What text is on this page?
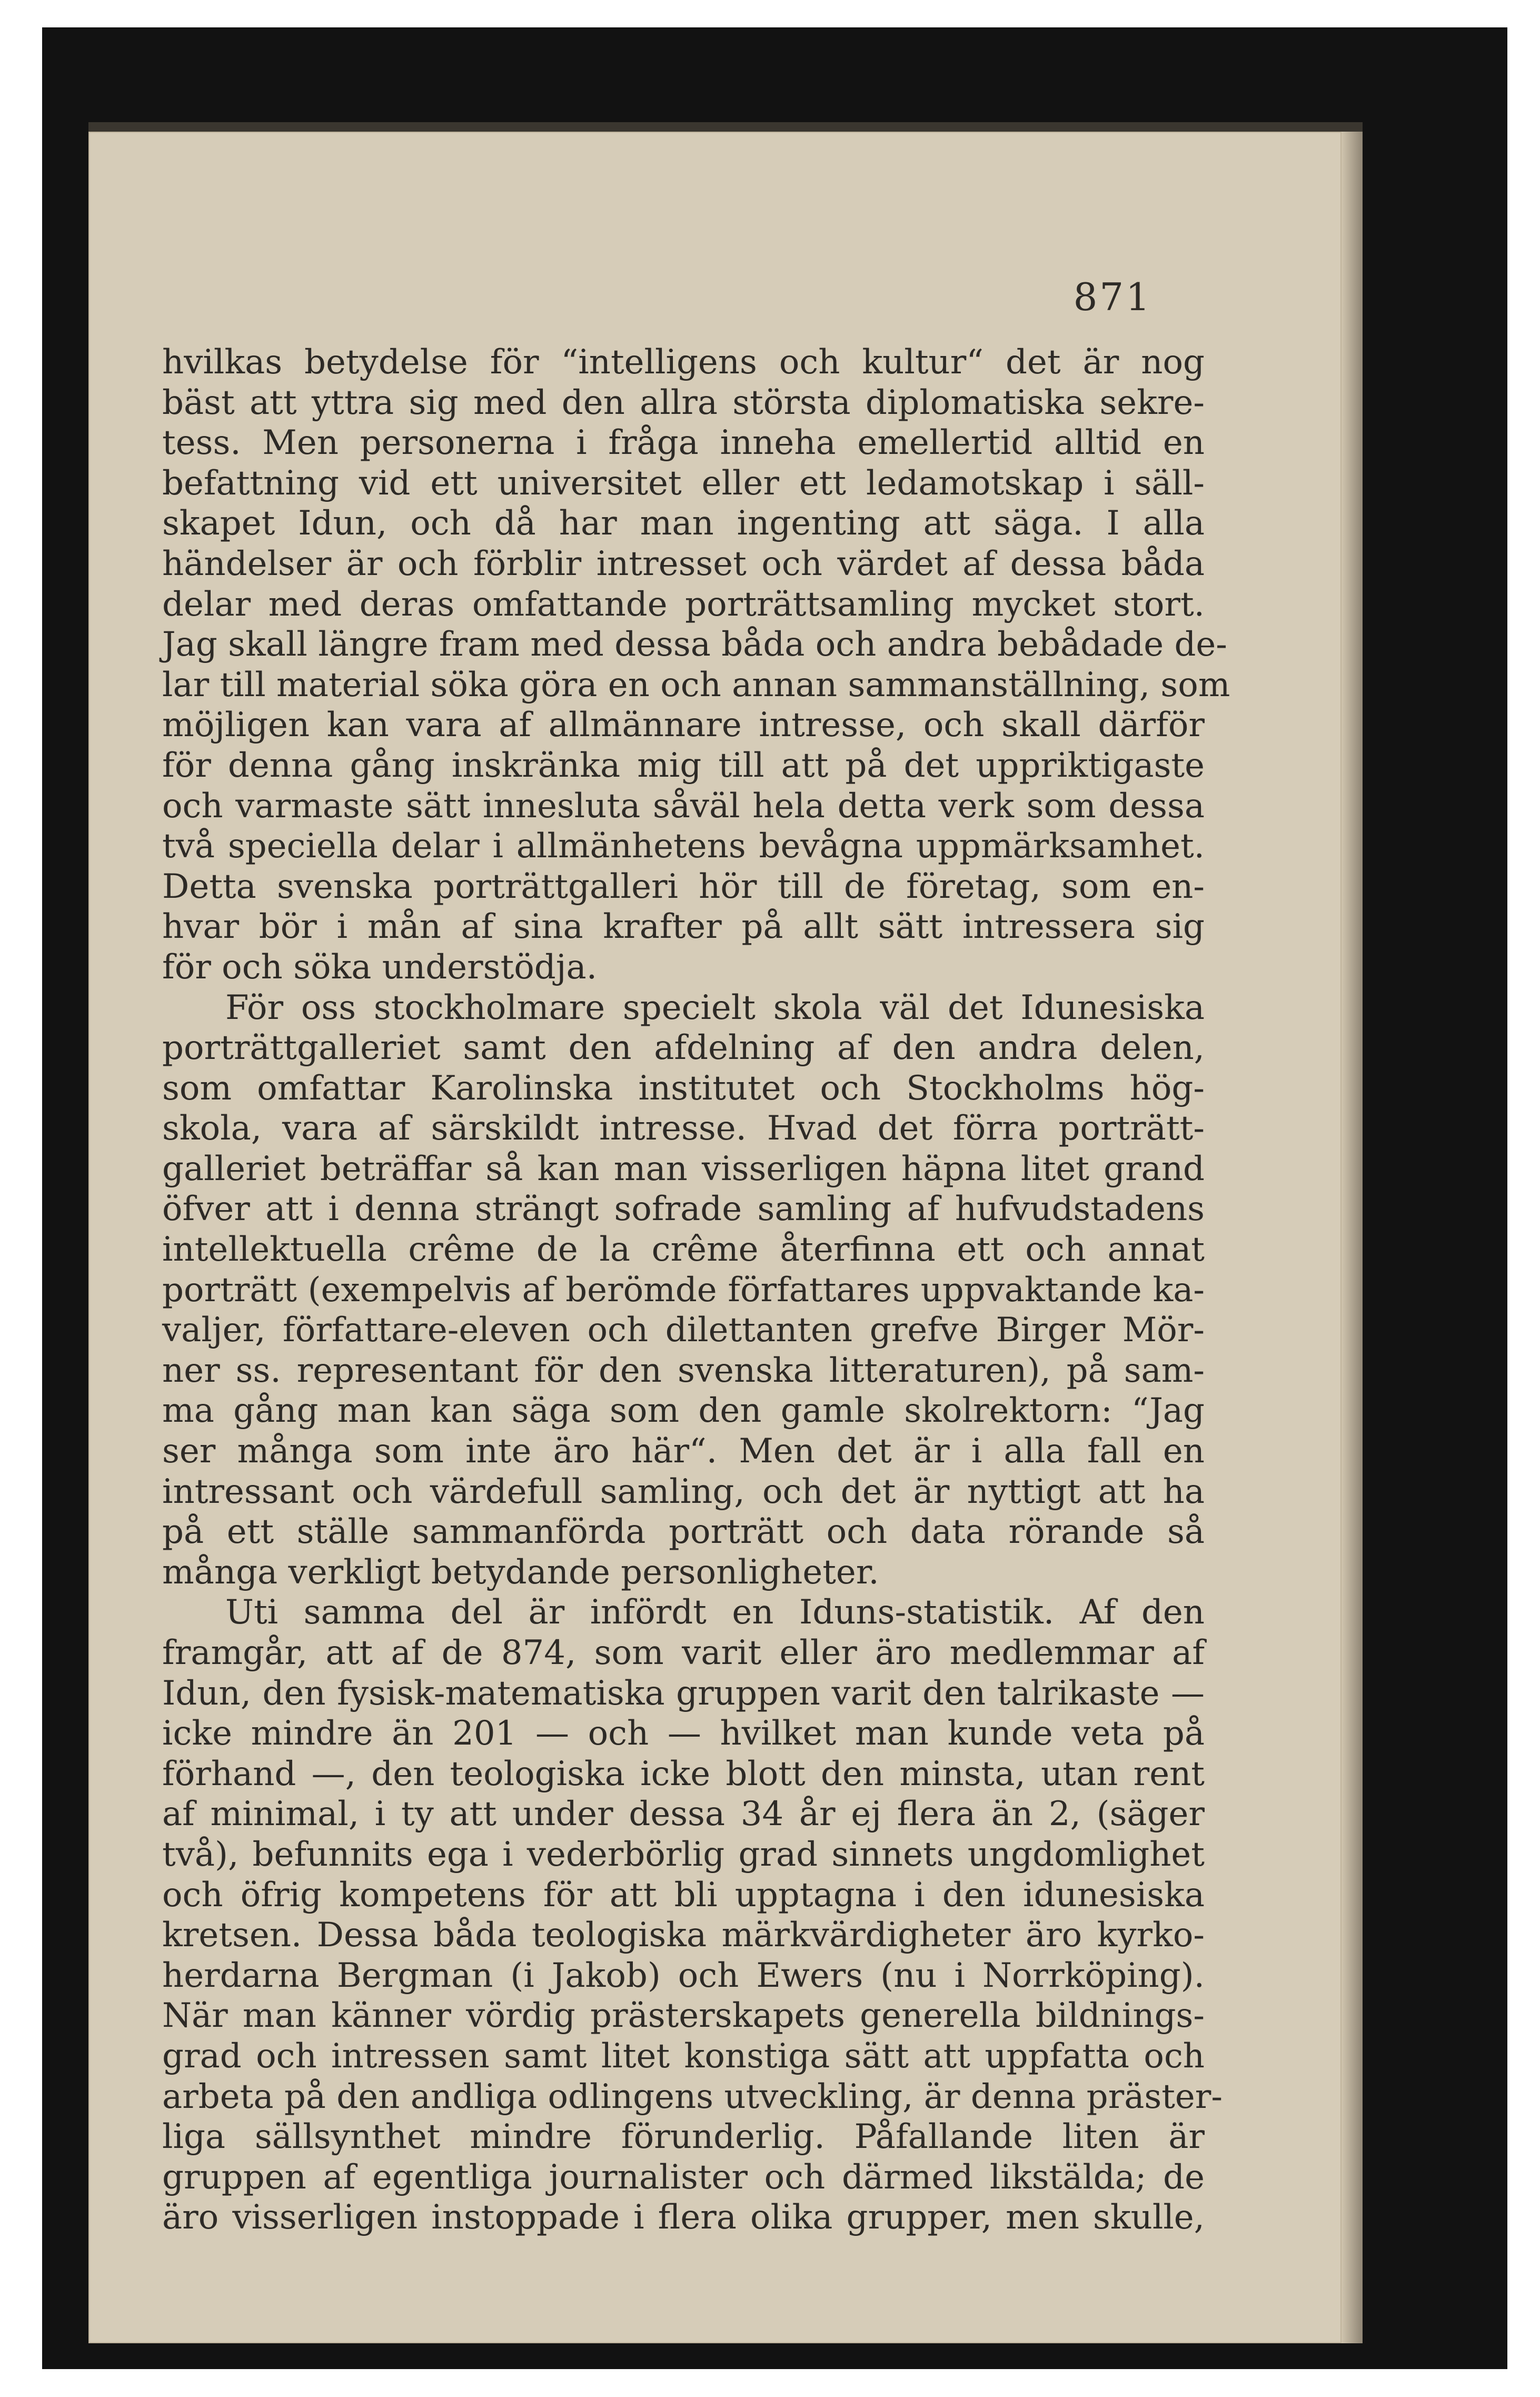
871
hvilkas betydelse för “intelligens och kultur“ det är nog
bäst att yttra sig med den allra största diplomatiska sekre-
tess. Men personerna i fråga inneha emellertid alltid en
befattning vid ett universitet eller ett ledamotskap i säll-
skapet Idun, och då har man ingenting att säga. I alla
händelser är och förblir intresset och värdet af dessa båda
delar med deras omfattande porträttsamling mycket stort.
Jag skall längre fram med dessa båda och andra bebådade de-
lar till material söka göra en och annan sammanställning, som
möjligen kan vara af allmännare intresse, och skall därför
för denna gång inskränka mig till att på det uppriktigaste
och varmaste sätt innesluta såväl hela detta verk som dessa
två speciella delar i allmänhetens bevågna uppmärksamhet.
Detta svenska porträttgalleri hör till de företag, som en-
hvar bör i mån af sina krafter på allt sätt intressera sig
för och söka understödja.
För oss stockholmare specielt skola väl det Idunesiska
porträttgalleriet samt den afdelning af den andra delen,
som omfattar Karolinska institutet och Stockholms hög-
skola, vara af särskildt intresse. Hvad det förra porträtt-
galleriet beträffar så kan man visserligen häpna litet grand
öfver att i denna strängt sofrade samling af hufvudstadens
intellektuella crême de la crême återfinna ett och annat
porträtt (exempelvis af berömde författares uppvaktande ka-
valjer, författare-eleven och dilettanten grefve Birger Mör-
ner ss. representant för den svenska litteraturen), på sam-
ma gång man kan säga som den gamle skolrektorn: “Jag
ser många som inte äro här“. Men det är i alla fall en
intressant och värdefull samling, och det är nyttigt att ha
på ett ställe sammanförda porträtt och data rörande så
många verkligt betydande personligheter.
Uti samma del är infördt en Iduns-statistik. Af den
framgår, att af de 874, som varit eller äro medlemmar af
Idun, den fysisk-matematiska gruppen varit den talrikaste —
icke mindre än 201 — och — hvilket man kunde veta på
förhand —, den teologiska icke blott den minsta, utan rent
af minimal, i ty att under dessa 34 år ej flera än 2, (säger
två), befunnits ega i vederbörlig grad sinnets ungdomlighet
och öfrig kompetens för att bli upptagna i den idunesiska
kretsen. Dessa båda teologiska märkvärdigheter äro kyrko-
herdarna Bergman (i Jakob) och Ewers (nu i Norrköping).
När man känner vördig prästerskapets generella bildnings-
grad och intressen samt litet konstiga sätt att uppfatta och
arbeta på den andliga odlingens utveckling, är denna präster-
liga sällsynthet mindre förunderlig. Påfallande liten är
gruppen af egentliga journalister och därmed likstälda; de
äro visserligen instoppade i flera olika grupper, men skulle,
